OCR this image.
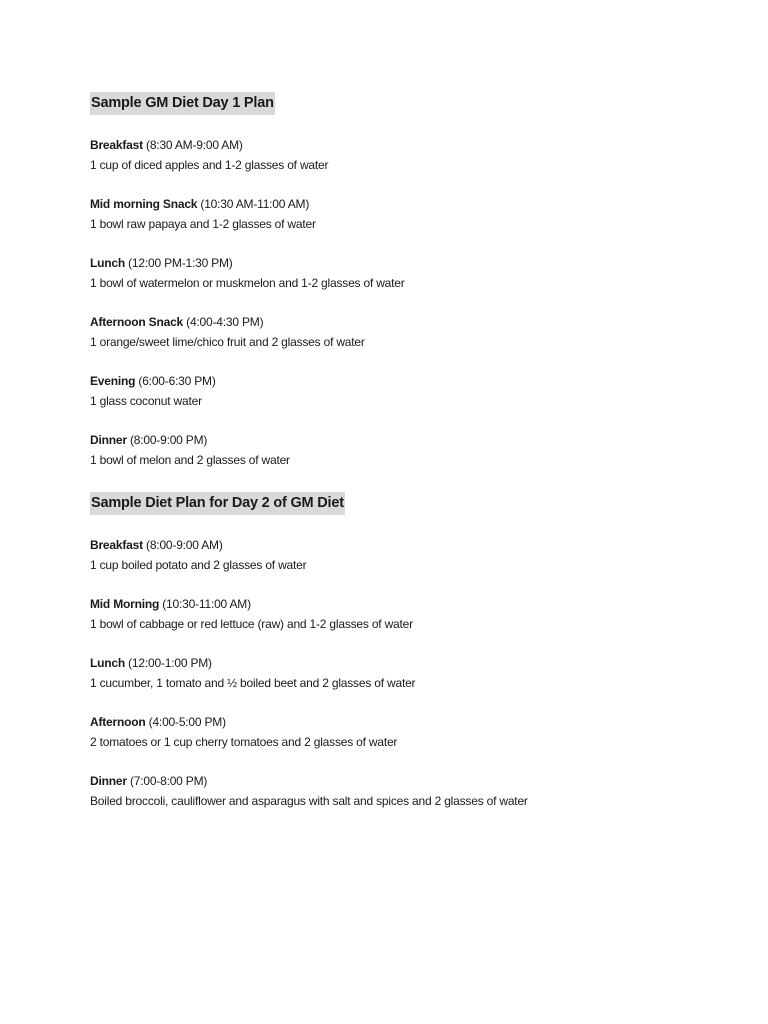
Sample GM Diet Day 1 Plan
Breakfast (8:30 AM-9:00 AM)
1 cup of diced apples and 1-2 glasses of water
Mid morning Snack (10:30 AM-11:00 AM)
1 bowl raw papaya and 1-2 glasses of water
Lunch (12:00 PM-1:30 PM)
1 bowl of watermelon or muskmelon and 1-2 glasses of water
Afternoon Snack (4:00-4:30 PM)
1 orange/sweet lime/chico fruit and 2 glasses of water
Evening (6:00-6:30 PM)
1 glass coconut water
Dinner (8:00-9:00 PM)
1 bowl of melon and 2 glasses of water
Sample Diet Plan for Day 2 of GM Diet
Breakfast (8:00-9:00 AM)
1 cup boiled potato and 2 glasses of water
Mid Morning (10:30-11:00 AM)
1 bowl of cabbage or red lettuce (raw) and 1-2 glasses of water
Lunch (12:00-1:00 PM)
1 cucumber, 1 tomato and ½ boiled beet and 2 glasses of water
Afternoon (4:00-5:00 PM)
2 tomatoes or 1 cup cherry tomatoes and 2 glasses of water
Dinner (7:00-8:00 PM)
Boiled broccoli, cauliflower and asparagus with salt and spices and 2 glasses of water
